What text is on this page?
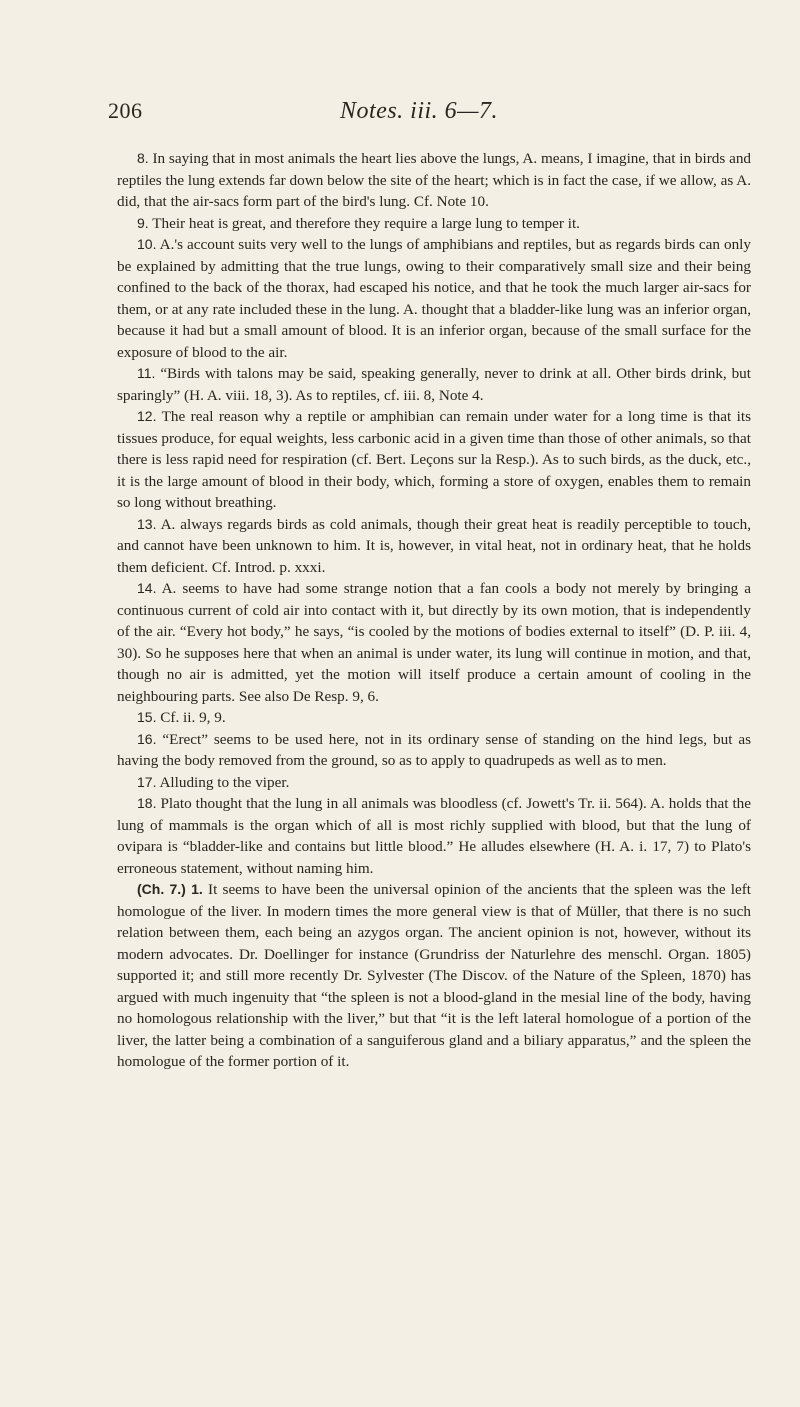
206	Notes. iii. 6—7.

8. In saying that in most animals the heart lies above the lungs, A. means, I imagine, that in birds and reptiles the lung extends far down below the site of the heart; which is in fact the case, if we allow, as A. did, that the air-sacs form part of the bird's lung. Cf. Note 10.

9. Their heat is great, and therefore they require a large lung to temper it.

10. A.'s account suits very well to the lungs of amphibians and reptiles, but as regards birds can only be explained by admitting that the true lungs, owing to their comparatively small size and their being confined to the back of the thorax, had escaped his notice, and that he took the much larger air-sacs for them, or at any rate included these in the lung. A. thought that a bladder-like lung was an inferior organ, because it had but a small amount of blood. It is an inferior organ, because of the small surface for the exposure of blood to the air.

11. “Birds with talons may be said, speaking generally, never to drink at all. Other birds drink, but sparingly” (H. A. viii. 18, 3). As to reptiles, cf. iii. 8, Note 4.

12. The real reason why a reptile or amphibian can remain under water for a long time is that its tissues produce, for equal weights, less carbonic acid in a given time than those of other animals, so that there is less rapid need for respiration (cf. Bert. Leçons sur la Resp.). As to such birds, as the duck, etc., it is the large amount of blood in their body, which, forming a store of oxygen, enables them to remain so long without breathing.

13. A. always regards birds as cold animals, though their great heat is readily perceptible to touch, and cannot have been unknown to him. It is, however, in vital heat, not in ordinary heat, that he holds them deficient. Cf. Introd. p. xxxi.

14. A. seems to have had some strange notion that a fan cools a body not merely by bringing a continuous current of cold air into contact with it, but directly by its own motion, that is independently of the air. “Every hot body,” he says, “is cooled by the motions of bodies external to itself” (D. P. iii. 4, 30). So he supposes here that when an animal is under water, its lung will continue in motion, and that, though no air is admitted, yet the motion will itself produce a certain amount of cooling in the neighbouring parts. See also De Resp. 9, 6.

15. Cf. ii. 9, 9.

16. “Erect” seems to be used here, not in its ordinary sense of standing on the hind legs, but as having the body removed from the ground, so as to apply to quadrupeds as well as to men.

17. Alluding to the viper.

18. Plato thought that the lung in all animals was bloodless (cf. Jowett's Tr. ii. 564). A. holds that the lung of mammals is the organ which of all is most richly supplied with blood, but that the lung of ovipara is “bladder-like and contains but little blood.” He alludes elsewhere (H. A. i. 17, 7) to Plato's erroneous statement, without naming him.

(Ch. 7.) 1. It seems to have been the universal opinion of the ancients that the spleen was the left homologue of the liver. In modern times the more general view is that of Müller, that there is no such relation between them, each being an azygos organ. The ancient opinion is not, however, without its modern advocates. Dr. Doellinger for instance (Grundriss der Naturlehre des menschl. Organ. 1805) supported it; and still more recently Dr. Sylvester (The Discov. of the Nature of the Spleen, 1870) has argued with much ingenuity that “the spleen is not a blood-gland in the mesial line of the body, having no homologous relationship with the liver,” but that “it is the left lateral homologue of a portion of the liver, the latter being a combination of a sanguiferous gland and a biliary apparatus,” and the spleen the homologue of the former portion of it.
